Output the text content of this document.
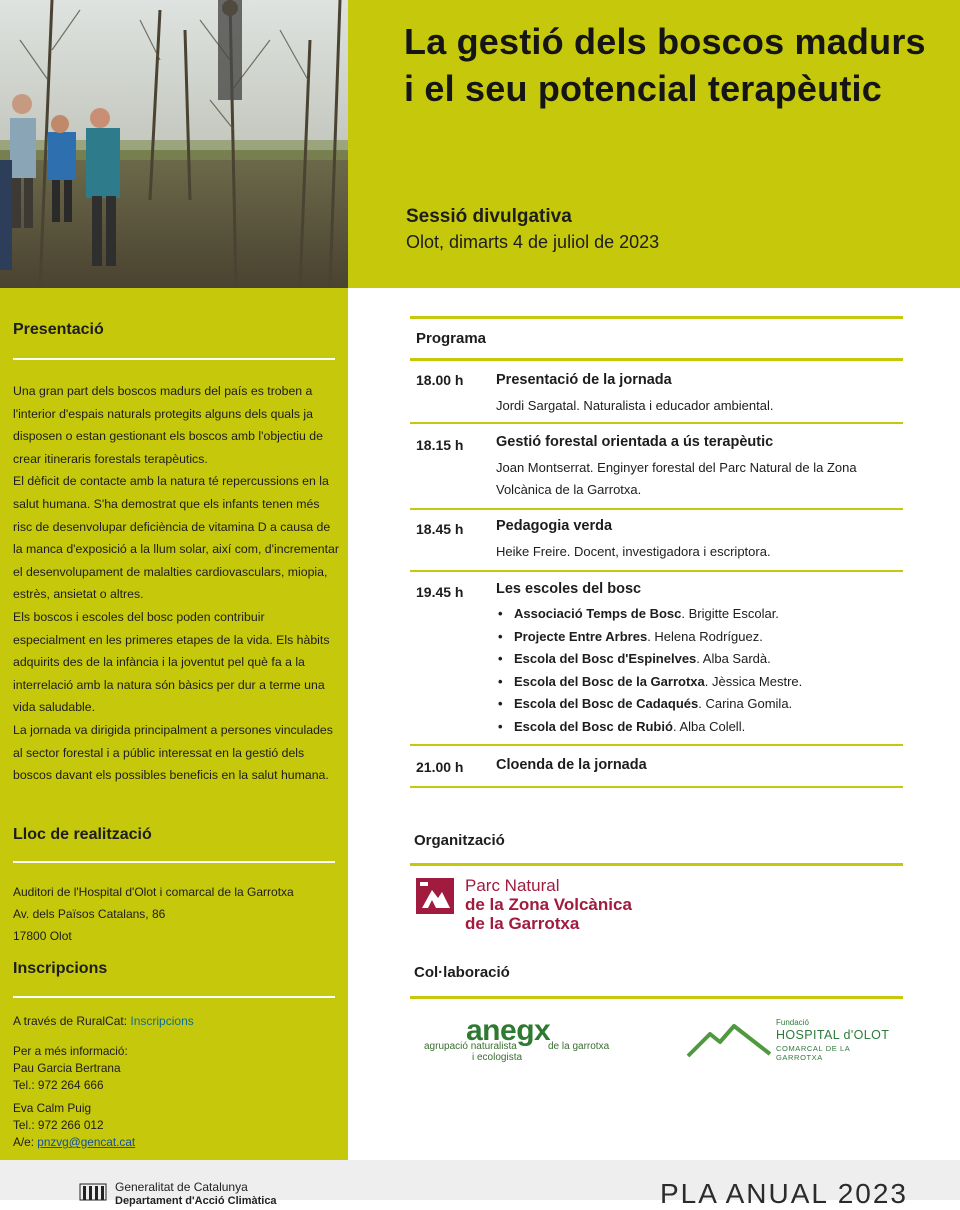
La gestió dels boscos madurs i el seu potencial terapèutic
Sessió divulgativa
Olot, dimarts 4 de juliol de 2023
Presentació

Una gran part dels boscos madurs del país es troben a l'interior d'espais naturals protegits alguns dels quals ja disposen o estan gestionant els boscos amb l'objectiu de crear itineraris forestals terapèutics.

El dèficit de contacte amb la natura té repercussions en la salut humana. S'ha demostrat que els infants tenen més risc de desenvolupar deficiència de vitamina D a causa de la manca d'exposició a la llum solar, així com, d'incrementar el desenvolupament de malalties cardiovasculars, miopia, estrès, ansietat o altres.

Els boscos i escoles del bosc poden contribuir especialment en les primeres etapes de la vida. Els hàbits adquirits des de la infància i la joventut pel què fa a la interrelació amb la natura són bàsics per dur a terme una vida saludable.

La jornada va dirigida principalment a persones vinculades al sector forestal i a públic interessat en la gestió dels boscos davant els possibles beneficis en la salut humana.

Lloc de realització
Auditori de l'Hospital d'Olot i comarcal de la Garrotxa
Av. dels Països Catalans, 86
17800 Olot
Inscripcions
A través de RuralCat: Inscripcions
Per a més informació:
Pau Garcia Bertrana
Tel.: 972 264 666
Eva Calm Puig
Tel.: 972 266 012
A/e: pnzvg@gencat.cat
Programa
18.00 h Presentació de la jornada
Jordi Sargatal. Naturalista i educador ambiental.
18.15 h Gestió forestal orientada a ús terapèutic
Joan Montserrat. Enginyer forestal del Parc Natural de la Zona Volcànica de la Garrotxa.
18.45 h Pedagogia verda
Heike Freire. Docent, investigadora i escriptora.
19.45 h Les escoles del bosc
• Associació Temps de Bosc. Brigitte Escolar.
• Projecte Entre Arbres. Helena Rodríguez.
• Escola del Bosc d'Espinelves. Alba Sardà.
• Escola del Bosc de la Garrotxa. Jèssica Mestre.
• Escola del Bosc de Cadaqués. Carina Gomila.
• Escola del Bosc de Rubió. Alba Colell.
21.00 h Cloenda de la jornada
Organització
Parc Natural
de la Zona Volcànica
de la Garrotxa
Col·laboració
anegx
agrupació naturalista	de la garrotxa
i ecologista
Fundació
HOSPITAL d'OLOT
COMARCAL DE LA GARROTXA
Generalitat de Catalunya
Departament d'Acció Climàtica	PLA ANUAL 2023
